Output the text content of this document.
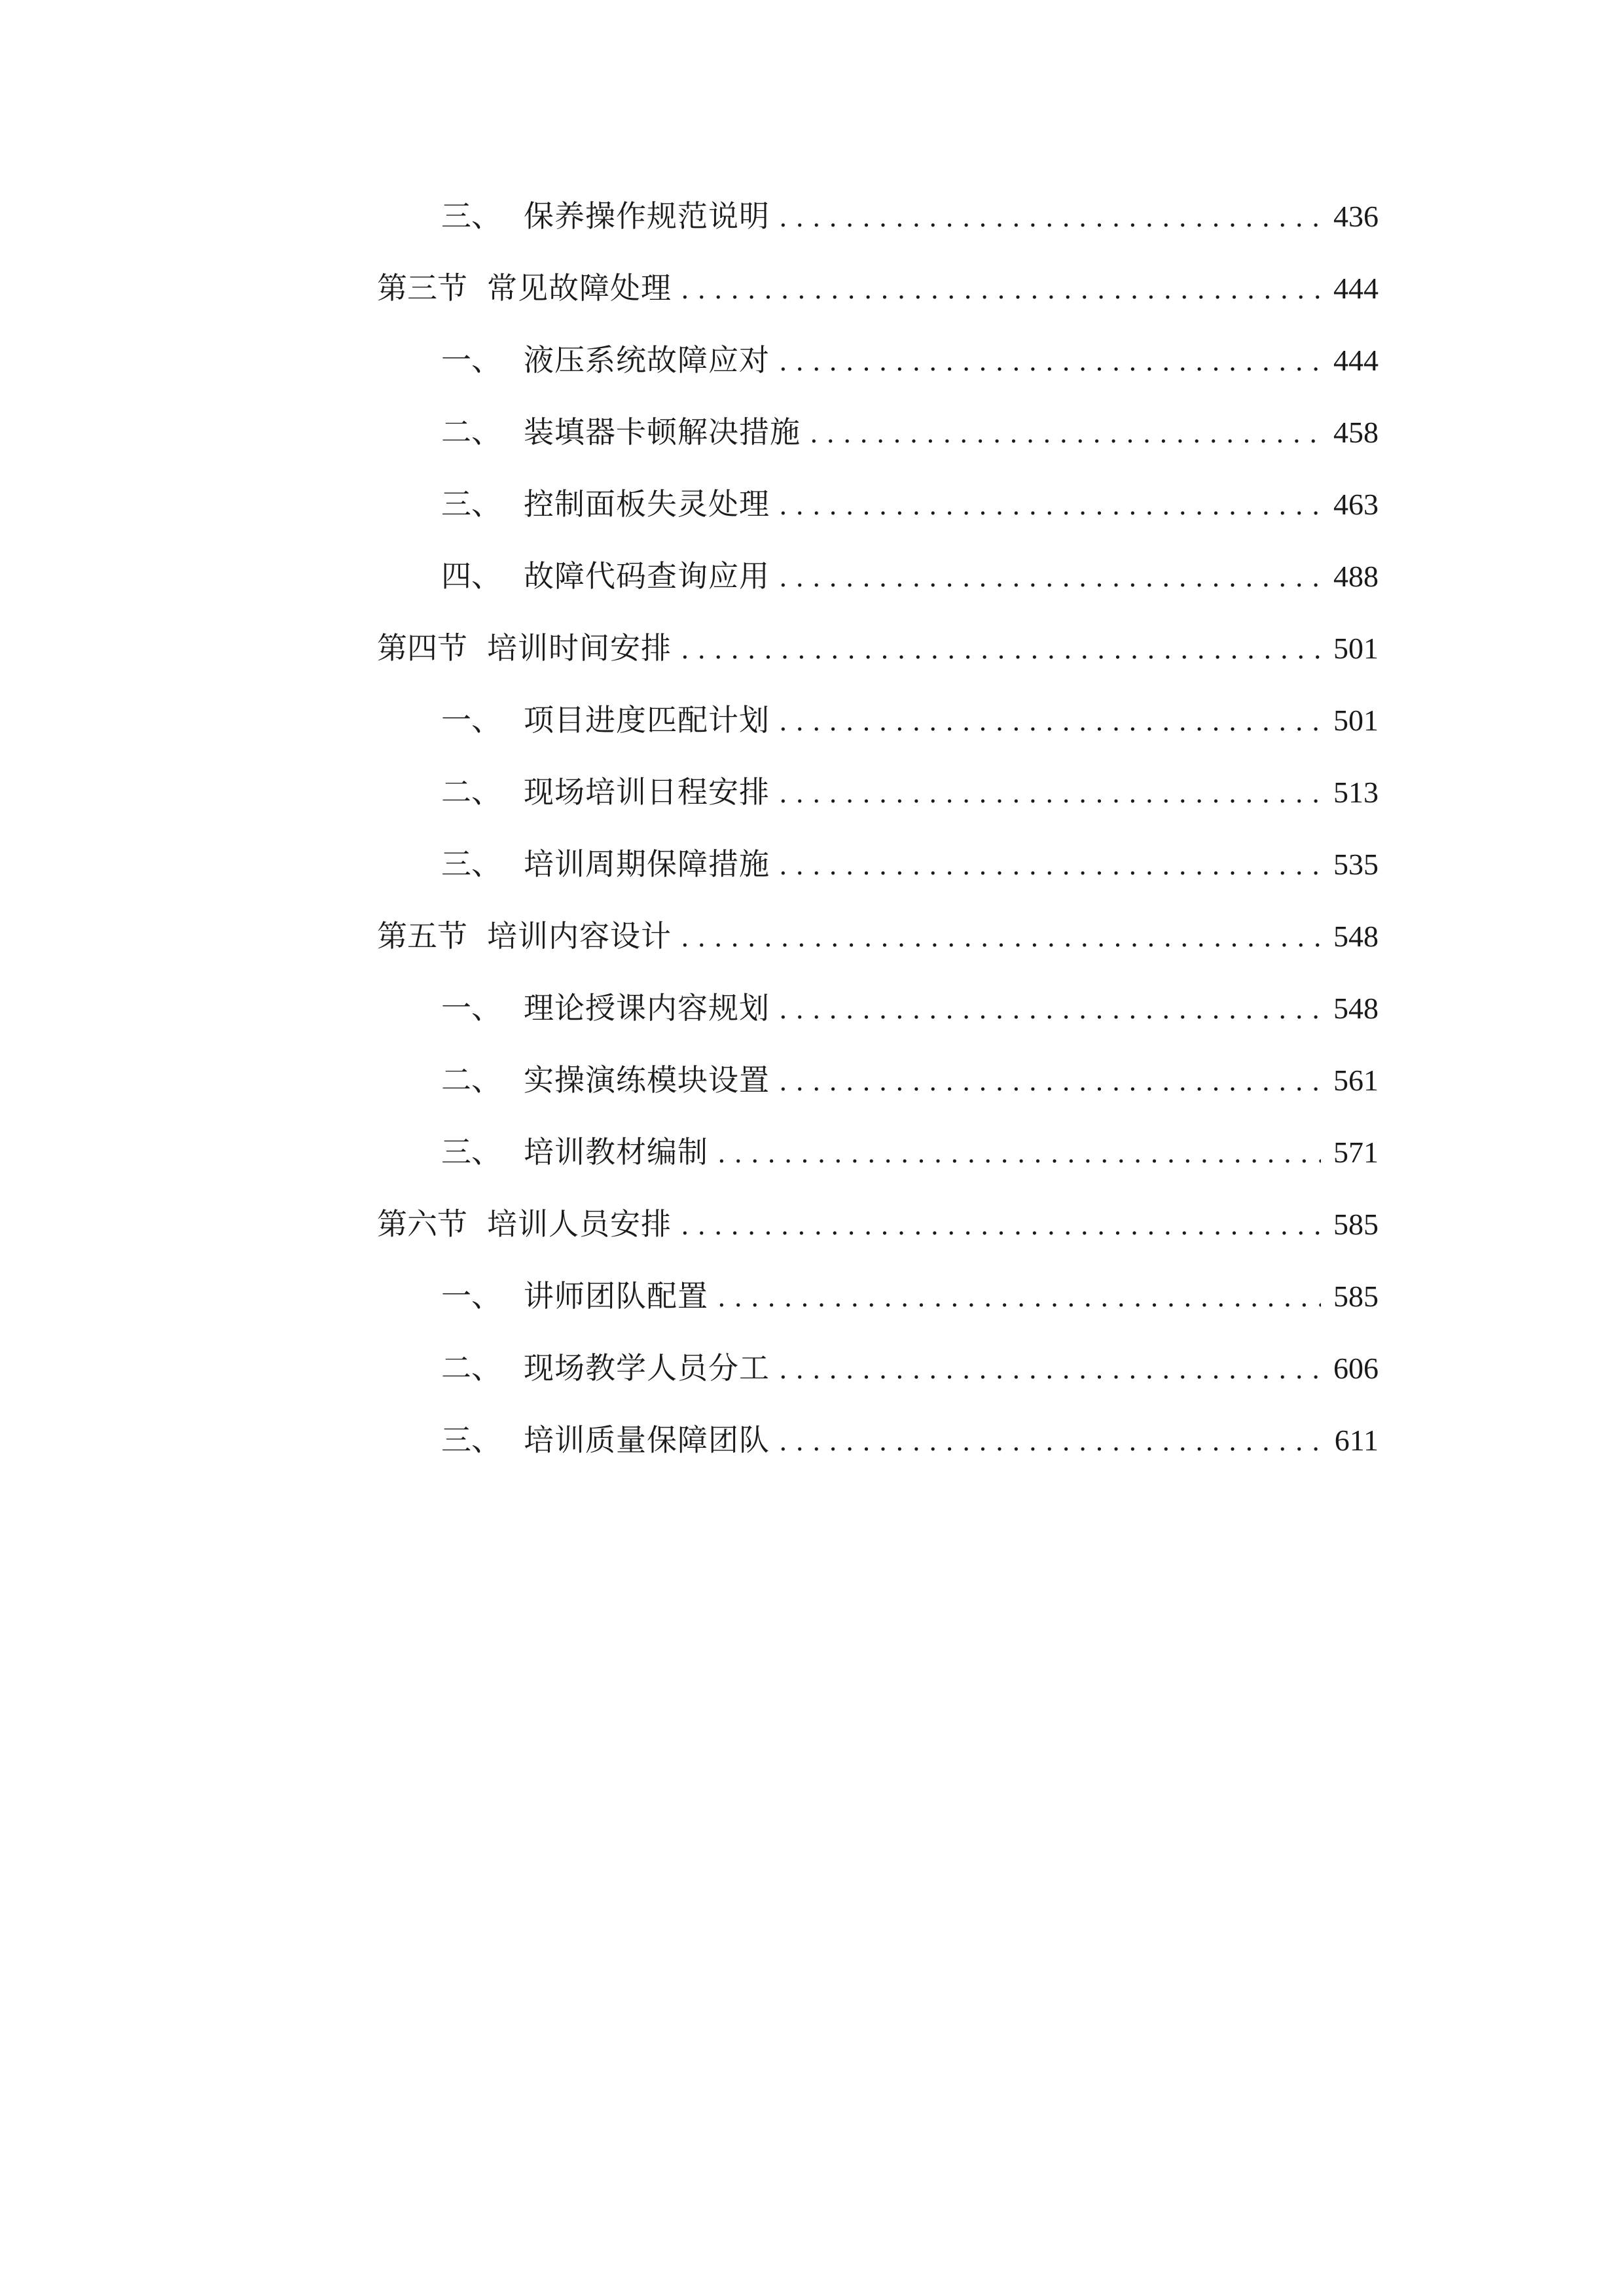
三、 保养操作规范说明 . . .	436
第三节 常见故障处理 . . .	444
一、 液压系统故障应对 . . .	444
二、 装填器卡顿解决措施 . . .	458
三、 控制面板失灵处理 . . .	463
四、 故障代码查询应用 . . .	488
第四节 培训时间安排 . . .	501
一、 项目进度匹配计划 . . .	501
二、 现场培训日程安排 . . .	513
三、 培训周期保障措施 . . .	535
第五节 培训内容设计 . . .	548
一、 理论授课内容规划 . . .	548
二、 实操演练模块设置 . . .	561
三、 培训教材编制 . . .	571
第六节 培训人员安排 . . .	585
一、 讲师团队配置 . . .	585
二、 现场教学人员分工 . . .	606
三、 培训质量保障团队 . . .	611
